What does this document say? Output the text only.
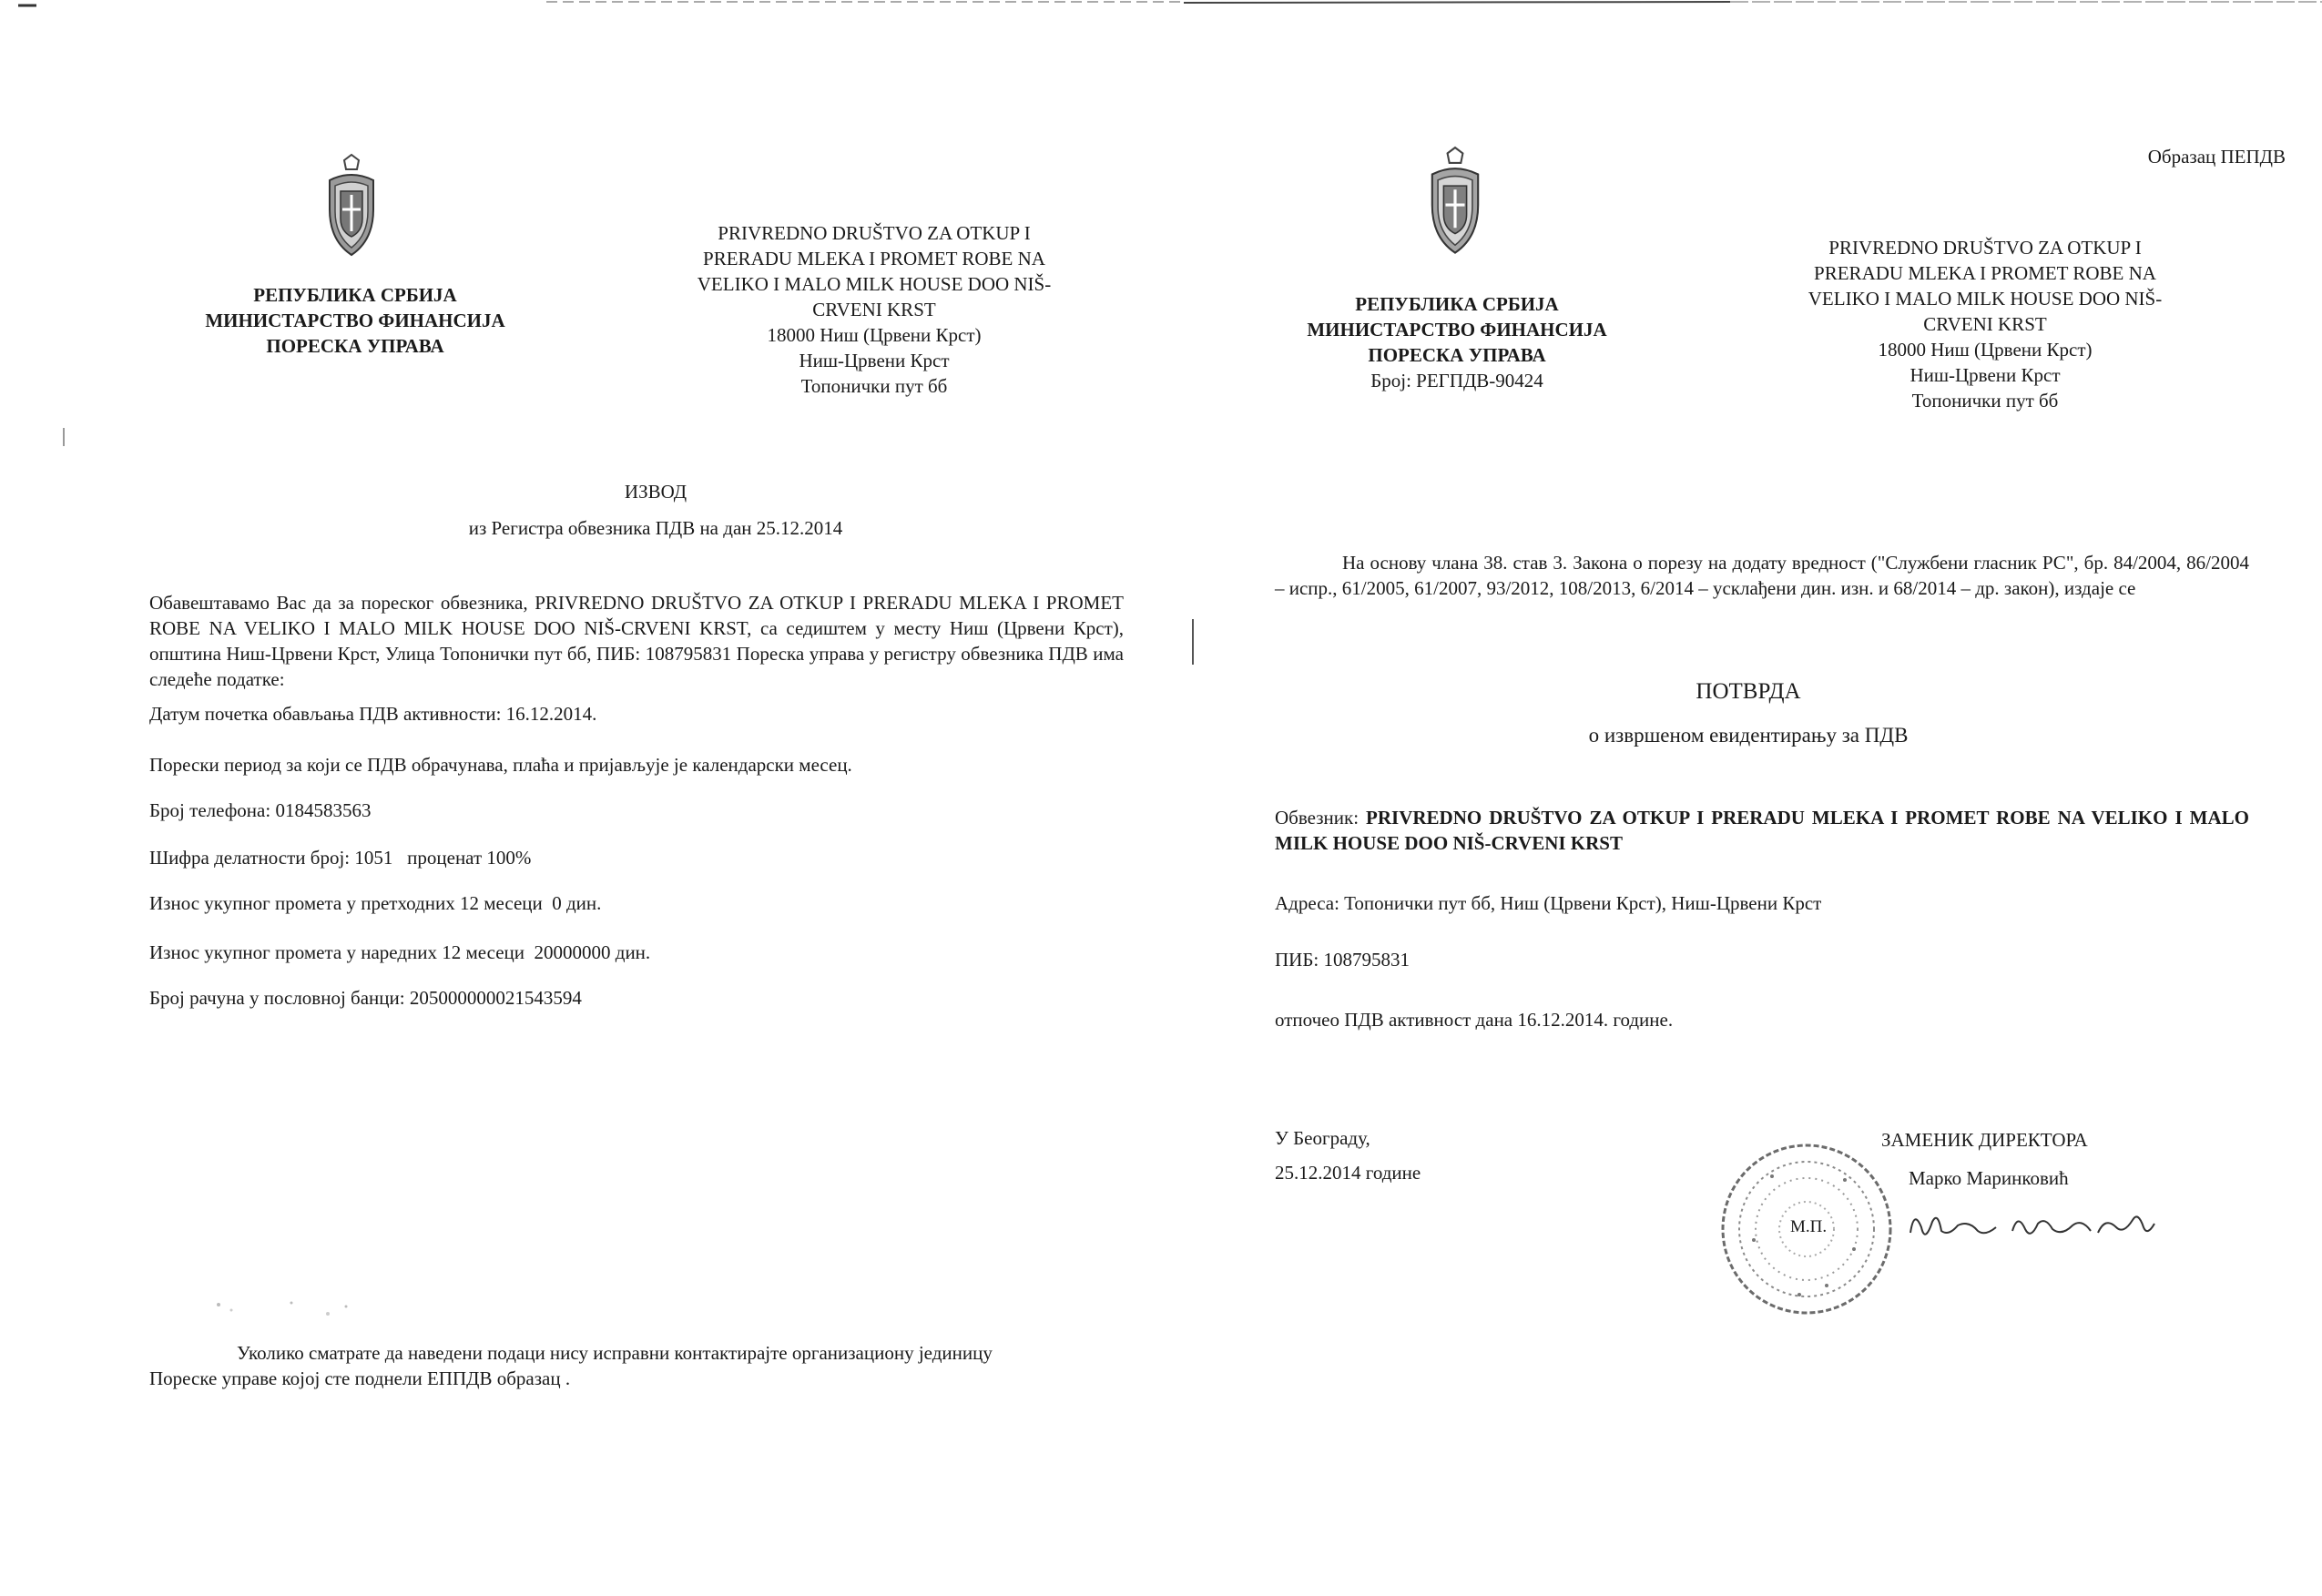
РЕПУБЛИКА СРБИЈА

МИНИСТАРСТВО ФИНАНСИЈА

ПОРЕСКА УПРАВА

PRIVREDNO DRUŠTVO ZA OTKUP I

PRERADU MLEKA I PROMET ROBE NA

VELIKO I MALO MILK HOUSE DOO NIŠ-

CRVENI KRST

18000 Ниш (Црвени Крст)

Ниш-Црвени Крст

Топонички пут бб

ИЗВОД
из Регистра обвезника ПДВ на дан 25.12.2014
Обавештавамо Вас да за пореског обвезника, PRIVREDNO DRUŠTVO ZA OTKUP I PRERADU MLEKA I PROMET ROBE NA VELIKO I MALO MILK HOUSE DOO NIŠ-CRVENI KRST, са седиштем у месту Ниш (Црвени Крст), општина Ниш-Црвени Крст, Улица Топонички пут бб, ПИБ: 108795831 Пореска управа у регистру обвезника ПДВ има следеће податке:
Датум почетка обављања ПДВ активности: 16.12.2014.
Порески период за који се ПДВ обрачунава, плаћа и пријављује је календарски месец.
Број телефона: 0184583563
Шифра делатности број: 1051   проценат 100%
Износ укупног промета у претходних 12 месеци  0 дин.
Износ укупног промета у наредних 12 месеци  20000000 дин.
Број рачуна у пословној банци: 205000000021543594
Уколико сматрате да наведени подаци нису исправни контактирајте организациону јединицу Пореске управе којој сте поднели ЕППДВ образац .
Образац ПЕПДВ

РЕПУБЛИКА СРБИЈА

МИНИСТАРСТВО ФИНАНСИЈА

ПОРЕСКА УПРАВА

Број: РЕГПДВ-90424

PRIVREDNO DRUŠTVO ZA OTKUP I

PRERADU MLEKA I PROMET ROBE NA

VELIKO I MALO MILK HOUSE DOO NIŠ-

CRVENI KRST

18000 Ниш (Црвени Крст)

Ниш-Црвени Крст

Топонички пут бб

На основу члана 38. став 3. Закона о порезу на додату вредност ("Службени гласник РС", бр. 84/2004, 86/2004 – испр., 61/2005, 61/2007, 93/2012, 108/2013, 6/2014 – усклађени дин. изн. и 68/2014 – др. закон), издаје се
ПОТВРДА
о извршеном евидентирању за ПДВ
Обвезник: PRIVREDNO DRUŠTVO ZA OTKUP I PRERADU MLEKA I PROMET ROBE NA VELIKO I MALO MILK HOUSE DOO NIŠ-CRVENI KRST
Адреса: Топонички пут бб, Ниш (Црвени Крст), Ниш-Црвени Крст
ПИБ: 108795831
отпочео ПДВ активност дана 16.12.2014. године.
У Београду,
25.12.2014 године
ЗАМЕНИК ДИРЕКТОРА
Марко Маринковић
М.П.
